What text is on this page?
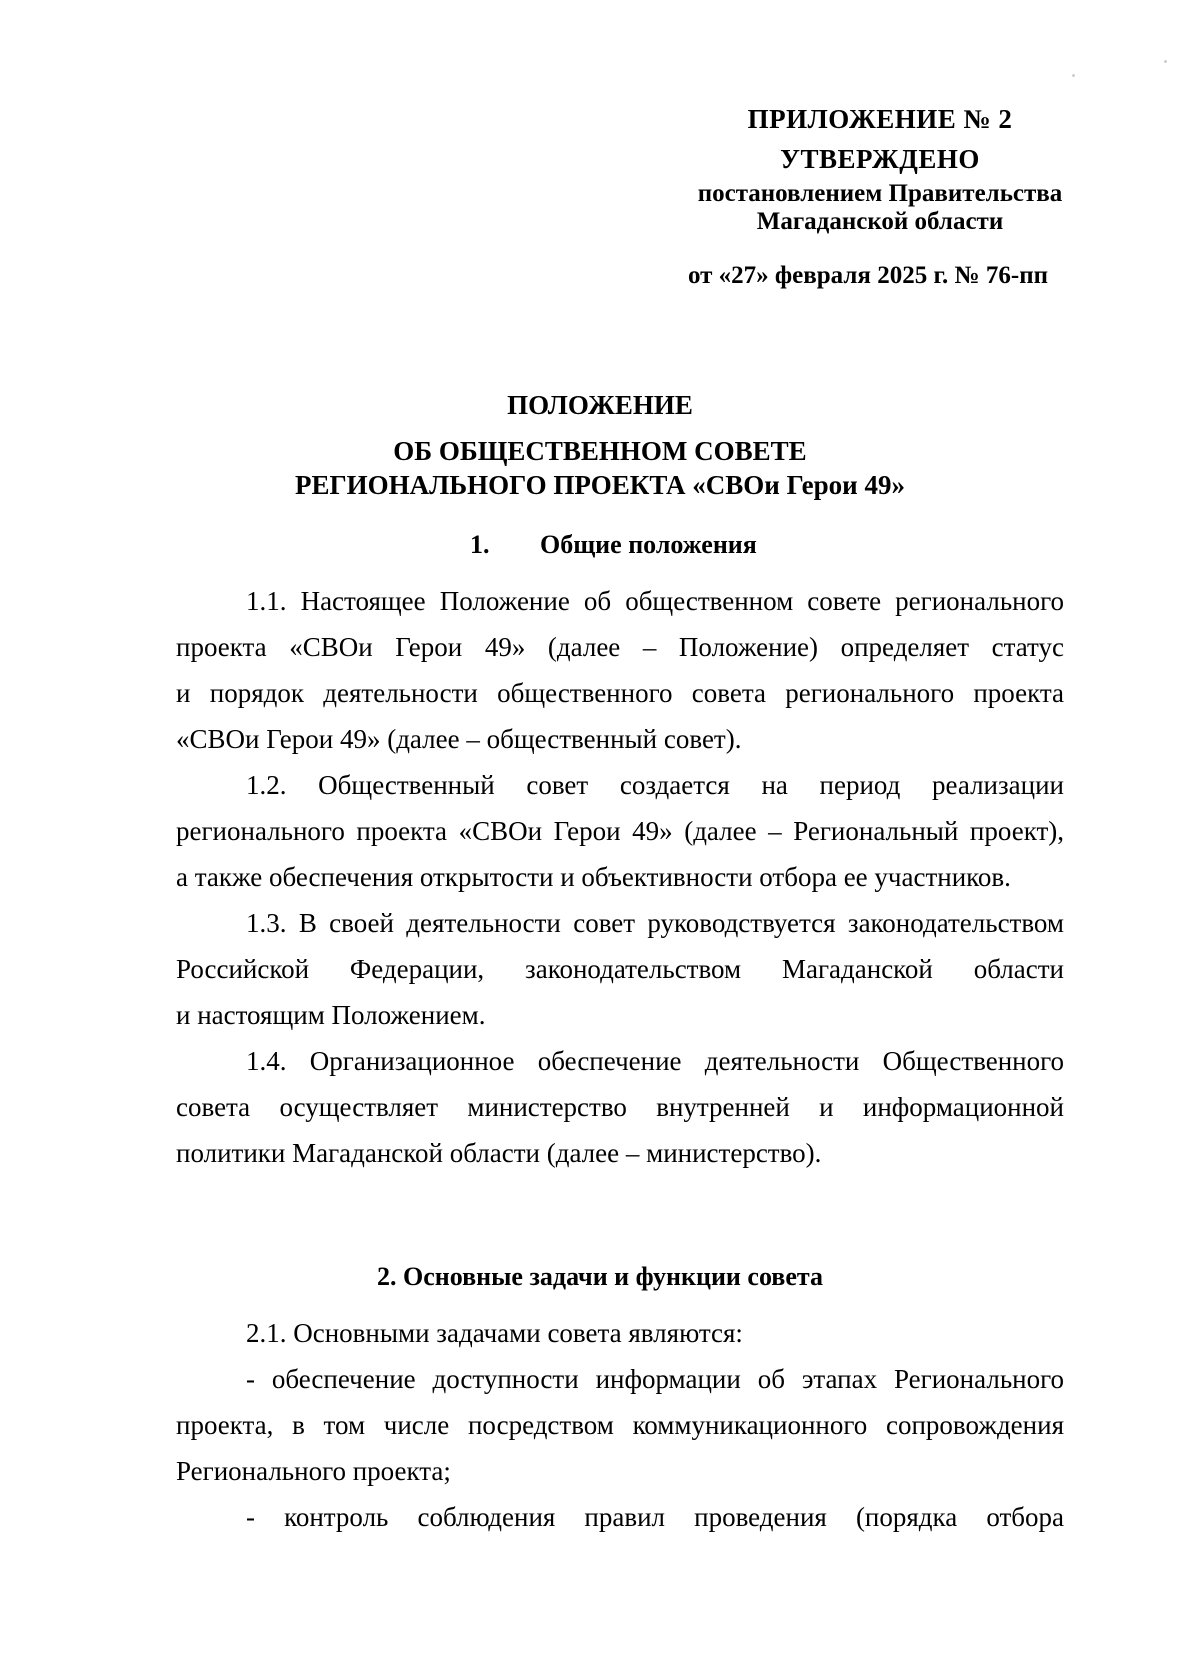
ПРИЛОЖЕНИЕ № 2
УТВЕРЖДЕНО
постановлением Правительства
Магаданской области
от «27» февраля 2025 г. № 76-пп
ПОЛОЖЕНИЕ
ОБ ОБЩЕСТВЕННОМ СОВЕТЕ
РЕГИОНАЛЬНОГО ПРОЕКТА «СВОи Герои 49»
1. Общие положения
1.1. Настоящее Положение об общественном совете регионального
проекта «СВОи Герои 49» (далее – Положение) определяет статус
и порядок деятельности общественного совета регионального проекта
«СВОи Герои 49» (далее – общественный совет).
1.2. Общественный совет создается на период реализации
регионального проекта «СВОи Герои 49» (далее – Региональный проект),
а также обеспечения открытости и объективности отбора ее участников.
1.3. В своей деятельности совет руководствуется законодательством
Российской Федерации, законодательством Магаданской области
и настоящим Положением.
1.4. Организационное обеспечение деятельности Общественного
совета осуществляет министерство внутренней и информационной
политики Магаданской области (далее – министерство).
2. Основные задачи и функции совета
2.1. Основными задачами совета являются:
- обеспечение доступности информации об этапах Регионального
проекта, в том числе посредством коммуникационного сопровождения
Регионального проекта;
- контроль соблюдения правил проведения (порядка отбора
